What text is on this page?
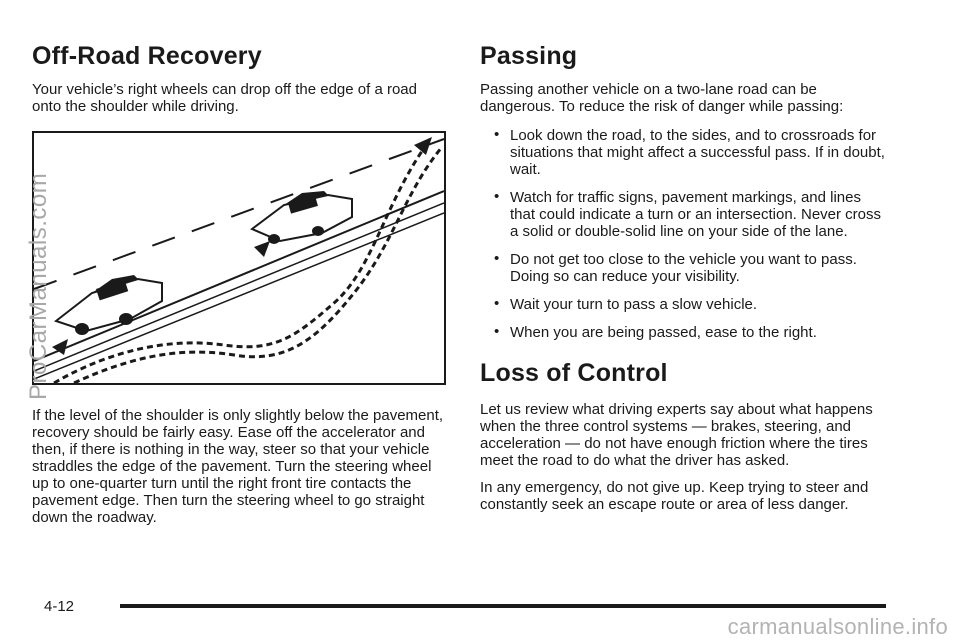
Off-Road Recovery

Your vehicle’s right wheels can drop off the edge of a road onto the shoulder while driving.

If the level of the shoulder is only slightly below the pavement, recovery should be fairly easy. Ease off the accelerator and then, if there is nothing in the way, steer so that your vehicle straddles the edge of the pavement. Turn the steering wheel up to one-quarter turn until the right front tire contacts the pavement edge. Then turn the steering wheel to go straight down the roadway.

Passing

Passing another vehicle on a two-lane road can be dangerous. To reduce the risk of danger while passing:

• Look down the road, to the sides, and to crossroads for situations that might affect a successful pass. If in doubt, wait.
• Watch for traffic signs, pavement markings, and lines that could indicate a turn or an intersection. Never cross a solid or double-solid line on your side of the lane.
• Do not get too close to the vehicle you want to pass. Doing so can reduce your visibility.
• Wait your turn to pass a slow vehicle.
• When you are being passed, ease to the right.
Loss of Control

Let us review what driving experts say about what happens when the three control systems — brakes, steering, and acceleration — do not have enough friction where the tires meet the road to do what the driver has asked.

In any emergency, do not give up. Keep trying to steer and constantly seek an escape route or area of less danger.

ProCarManuals.com
4-12
carmanualsonline.info
